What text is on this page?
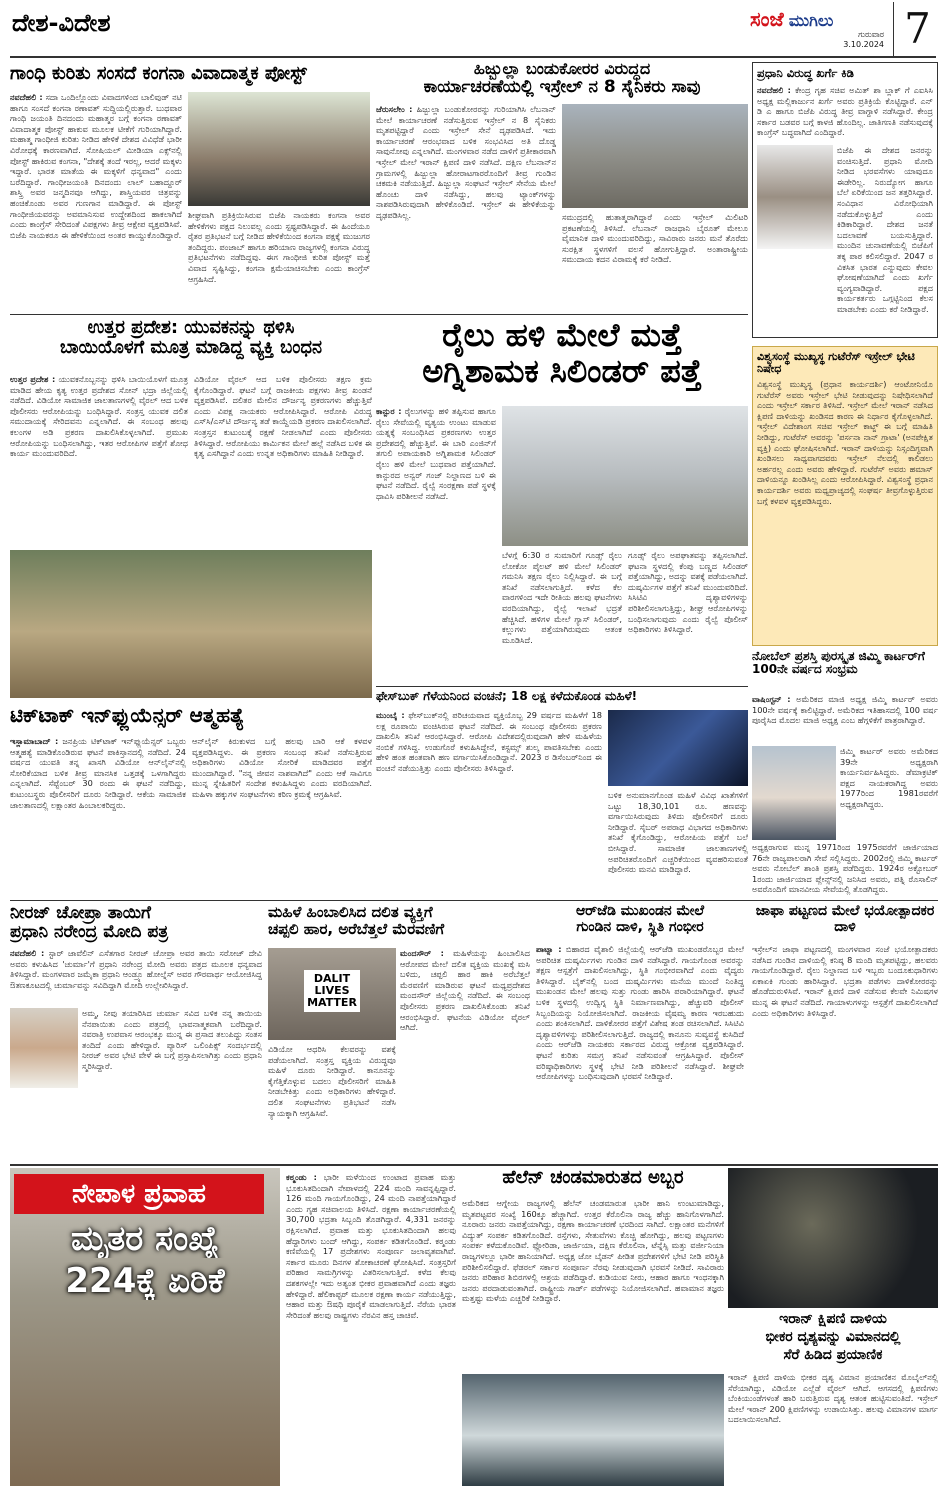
ದೇಶ-ವಿದೇಶ	ಸಂಜೆ ಮುಗಿಲು
ಗುರುವಾರ
3.10.2024 7
ಗಾಂಧಿ ಕುರಿತು ಸಂಸದೆ ಕಂಗನಾ ವಿವಾದಾತ್ಮಕ ಪೋಸ್ಟ್
ನವದೆಹಲಿ : ಸದಾ ಒಂದಿಲ್ಲೊಂದು ವಿವಾದಗಳಿಂದ ಬಾಲಿವುಡ್ ನಟಿ ಹಾಗೂ ಸಂಸದೆ ಕಂಗನಾ ರಣಾವತ್ ಸುದ್ದಿಯಲ್ಲಿರುತ್ತಾರೆ. ಬುಧವಾರ ಗಾಂಧಿ ಜಯಂತಿ ದಿನದಂದು ಮಹಾತ್ಮರ ಬಗ್ಗೆ ಕಂಗನಾ ರಣಾವತ್ ವಿವಾದಾತ್ಮಕ ಪೋಸ್ಟ್ ಹಾಕುವ ಮೂಲಕ ಟೀಕೆಗೆ ಗುರಿಯಾಗಿದ್ದಾರೆ. ಮಹಾತ್ಮ ಗಾಂಧೀಜಿ ಕುರಿತು ನೀಡಿದ ಹೇಳಿಕೆ ದೇಶದ ವಿವಿಧೆಡೆ ಭಾರೀ ವಿರೋಧಕ್ಕೆ ಕಾರಣವಾಗಿದೆ. ಸೋಷಿಯಲ್ ಮೀಡಿಯಾ ಎಕ್ಸ್‌ನಲ್ಲಿ ಪೋಸ್ಟ್ ಹಾಕಿರುವ ಕಂಗನಾ, "ದೇಶಕ್ಕೆ ತಂದೆ ಇರಲ್ಲ, ಆದರೆ ಮಕ್ಕಳು ಇದ್ದಾರೆ. ಭಾರತ ಮಾತೆಯ ಈ ಮಕ್ಕಳಿಗೆ ಧನ್ಯವಾದ" ಎಂದು ಬರೆದಿದ್ದಾರೆ. ಗಾಂಧೀಜಯಂತಿ ದಿನದಂದು ಲಾಲ್ ಬಹಾದ್ದೂರ್ ಶಾಸ್ತ್ರಿ ಅವರ ಜನ್ಮದಿನವೂ ಆಗಿದ್ದು, ಶಾಸ್ತ್ರಿಯವರ ಚಿತ್ರವನ್ನು ಹಂಚಿಕೊಂಡು ಅವರ ಗುಣಗಾನ ಮಾಡಿದ್ದಾರೆ. ಈ ಪೋಸ್ಟ್ ಗಾಂಧೀಜಿಯವರನ್ನು ಅವಮಾನಿಸುವ ಉದ್ದೇಶದಿಂದ ಹಾಕಲಾಗಿದೆ ಎಂದು ಕಾಂಗ್ರೆಸ್ ಸೇರಿದಂತೆ ವಿಪಕ್ಷಗಳು ತೀವ್ರ ಆಕ್ಷೇಪ ವ್ಯಕ್ತಪಡಿಸಿವೆ. ಬಿಜೆಪಿ ನಾಯಕರೂ ಈ ಹೇಳಿಕೆಯಿಂದ ಅಂತರ ಕಾಯ್ದುಕೊಂಡಿದ್ದಾರೆ.
ಶೀಘ್ರವಾಗಿ ಪ್ರತಿಕ್ರಿಯಿಸಿರುವ ಬಿಜೆಪಿ ನಾಯಕರು ಕಂಗನಾ ಅವರ ಹೇಳಿಕೆಗಳು ಪಕ್ಷದ ನಿಲುವಲ್ಲ ಎಂದು ಸ್ಪಷ್ಟಪಡಿಸಿದ್ದಾರೆ. ಈ ಹಿಂದೆಯೂ ರೈತರ ಪ್ರತಿಭಟನೆ ಬಗ್ಗೆ ನೀಡಿದ ಹೇಳಿಕೆಯಿಂದ ಕಂಗನಾ ಪಕ್ಷಕ್ಕೆ ಮುಜುಗರ ತಂದಿದ್ದರು. ಪಂಜಾಬ್ ಹಾಗೂ ಹರಿಯಾಣ ರಾಜ್ಯಗಳಲ್ಲಿ ಕಂಗನಾ ವಿರುದ್ಧ ಪ್ರತಿಭಟನೆಗಳು ನಡೆದಿದ್ದವು. ಈಗ ಗಾಂಧೀಜಿ ಕುರಿತ ಪೋಸ್ಟ್ ಮತ್ತೆ ವಿವಾದ ಸೃಷ್ಟಿಸಿದ್ದು, ಕಂಗನಾ ಕ್ಷಮೆಯಾಚಿಸಬೇಕು ಎಂದು ಕಾಂಗ್ರೆಸ್ ಆಗ್ರಹಿಸಿದೆ.
ಹಿಜ್ಬುಲ್ಲಾ ಬಂಡುಕೋರರ ವಿರುದ್ಧದ
ಕಾರ್ಯಾಚರಣೆಯಲ್ಲಿ ಇಸ್ರೇಲ್ ನ 8 ಸೈನಿಕರು ಸಾವು
ಜೆರುಸಲೇಂ : ಹಿಜ್ಬುಲ್ಲಾ ಬಂಡುಕೋರರನ್ನು ಗುರಿಯಾಗಿಸಿ ಲೆಬನಾನ್ ಮೇಲೆ ಕಾರ್ಯಾಚರಣೆ ನಡೆಸುತ್ತಿರುವ ಇಸ್ರೇಲ್ ನ 8 ಸೈನಿಕರು ಮೃತಪಟ್ಟಿದ್ದಾರೆ ಎಂದು ಇಸ್ರೇಲ್ ಸೇನೆ ದೃಢಪಡಿಸಿದೆ. ಇದು ಕಾರ್ಯಾಚರಣೆ ಆರಂಭವಾದ ಬಳಿಕ ಸಂಭವಿಸಿದ ಅತಿ ದೊಡ್ಡ ಸಾವುನೋವು ಎನ್ನಲಾಗಿದೆ. ಮಂಗಳವಾರ ನಡೆದ ದಾಳಿಗೆ ಪ್ರತೀಕಾರವಾಗಿ ಇಸ್ರೇಲ್ ಮೇಲೆ ಇರಾನ್ ಕ್ಷಿಪಣಿ ದಾಳಿ ನಡೆಸಿದೆ. ದಕ್ಷಿಣ ಲೆಬನಾನ್‌ನ ಗ್ರಾಮಗಳಲ್ಲಿ ಹಿಜ್ಬುಲ್ಲಾ ಹೋರಾಟಗಾರರೊಂದಿಗೆ ತೀವ್ರ ಗುಂಡಿನ ಚಕಮಕಿ ನಡೆಯುತ್ತಿದೆ. ಹಿಜ್ಬುಲ್ಲಾ ಸಂಘಟನೆ ಇಸ್ರೇಲ್ ಸೇನೆಯ ಮೇಲೆ ಹೊಂಚು ದಾಳಿ ನಡೆಸಿದ್ದು, ಹಲವು ಟ್ಯಾಂಕ್‌ಗಳನ್ನು ನಾಶಪಡಿಸಿರುವುದಾಗಿ ಹೇಳಿಕೊಂಡಿದೆ. ಇಸ್ರೇಲ್ ಈ ಹೇಳಿಕೆಯನ್ನು ದೃಢಪಡಿಸಿಲ್ಲ.	ಸಮುದ್ರದಲ್ಲಿ ಹುತಾತ್ಮರಾಗಿದ್ದಾರೆ ಎಂದು ಇಸ್ರೇಲ್ ಮಿಲಿಟರಿ ಪ್ರಕಟಣೆಯಲ್ಲಿ ತಿಳಿಸಿದೆ. ಲೆಬನಾನ್ ರಾಜಧಾನಿ ಬೈರೂತ್ ಮೇಲೂ ವೈಮಾನಿಕ ದಾಳಿ ಮುಂದುವರಿದಿದ್ದು, ಸಾವಿರಾರು ಜನರು ಮನೆ ತೊರೆದು ಸುರಕ್ಷಿತ ಸ್ಥಳಗಳಿಗೆ ವಲಸೆ ಹೋಗುತ್ತಿದ್ದಾರೆ. ಅಂತಾರಾಷ್ಟ್ರೀಯ ಸಮುದಾಯ ಕದನ ವಿರಾಮಕ್ಕೆ ಕರೆ ನೀಡಿದೆ.
ಪ್ರಧಾನಿ ವಿರುದ್ಧ ಖರ್ಗೆ ಕಿಡಿ
ನವದೆಹಲಿ : ಕೇಂದ್ರ ಗೃಹ ಸಚಿವ ಅಮಿತ್ ಶಾ ಬ್ಲಾಕ್ ಗೆ ಎಐಸಿಸಿ ಅಧ್ಯಕ್ಷ ಮಲ್ಲಿಕಾರ್ಜುನ ಖರ್ಗೆ ಅವರು ಪ್ರತಿಕ್ರಿಯೆ ಕೊಟ್ಟಿದ್ದಾರೆ. ಎನ್ ಡಿ ಎ ಹಾಗೂ ಬಿಜೆಪಿ ವಿರುದ್ಧ ತೀವ್ರ ವಾಗ್ದಾಳಿ ನಡೆಸಿದ್ದಾರೆ. ಕೇಂದ್ರ ಸರ್ಕಾರ ಬಡವರ ಬಗ್ಗೆ ಕಾಳಜಿ ಹೊಂದಿಲ್ಲ. ಜಾತಿಗಣತಿ ನಡೆಸುವುದಕ್ಕೆ ಕಾಂಗ್ರೆಸ್ ಬದ್ಧವಾಗಿದೆ ಎಂದಿದ್ದಾರೆ.
ಬಿಜೆಪಿ ಈ ದೇಶದ ಜನರನ್ನು ವಂಚಿಸುತ್ತಿದೆ. ಪ್ರಧಾನಿ ಮೋದಿ ನೀಡಿದ ಭರವಸೆಗಳು ಯಾವುದೂ ಈಡೇರಿಲ್ಲ. ನಿರುದ್ಯೋಗ ಹಾಗೂ ಬೆಲೆ ಏರಿಕೆಯಿಂದ ಜನ ತತ್ತರಿಸಿದ್ದಾರೆ. ಸಂವಿಧಾನ ವಿರೋಧಿಯಾಗಿ ನಡೆದುಕೊಳ್ಳುತ್ತಿದೆ ಎಂದು ಕಿಡಿಕಾರಿದ್ದಾರೆ. ದೇಶದ ಜನತೆ ಬದಲಾವಣೆ ಬಯಸುತ್ತಿದ್ದಾರೆ. ಮುಂದಿನ ಚುನಾವಣೆಯಲ್ಲಿ ಬಿಜೆಪಿಗೆ ತಕ್ಕ ಪಾಠ ಕಲಿಸಲಿದ್ದಾರೆ. 2047 ರ ವಿಕಸಿತ ಭಾರತ ಎನ್ನುವುದು ಕೇವಲ ಘೋಷಣೆಯಾಗಿದೆ ಎಂದು ಖರ್ಗೆ ವ್ಯಂಗ್ಯವಾಡಿದ್ದಾರೆ. ಪಕ್ಷದ ಕಾರ್ಯಕರ್ತರು ಒಗ್ಗಟ್ಟಿನಿಂದ ಕೆಲಸ ಮಾಡಬೇಕು ಎಂದು ಕರೆ ನೀಡಿದ್ದಾರೆ.
ಉತ್ತರ ಪ್ರದೇಶ: ಯುವಕನನ್ನು ಥಳಿಸಿ
ಬಾಯಿಯೊಳಗೆ ಮೂತ್ರ ಮಾಡಿದ್ದ ವ್ಯಕ್ತಿ ಬಂಧನ
ಉತ್ತರ ಪ್ರದೇಶ : ಯುವಕನೊಬ್ಬನನ್ನು ಥಳಿಸಿ ಬಾಯಿಯೊಳಗೆ ಮೂತ್ರ ಮಾಡಿದ ಹೇಯ ಕೃತ್ಯ ಉತ್ತರ ಪ್ರದೇಶದ ಸೋನ್ ಭದ್ರಾ ಜಿಲ್ಲೆಯಲ್ಲಿ ನಡೆದಿದೆ. ವಿಡಿಯೋ ಸಾಮಾಜಿಕ ಜಾಲತಾಣಗಳಲ್ಲಿ ವೈರಲ್ ಆದ ಬಳಿಕ ಪೊಲೀಸರು ಆರೋಪಿಯನ್ನು ಬಂಧಿಸಿದ್ದಾರೆ. ಸಂತ್ರಸ್ತ ಯುವಕ ದಲಿತ ಸಮುದಾಯಕ್ಕೆ ಸೇರಿದವನು ಎನ್ನಲಾಗಿದೆ. ಈ ಸಂಬಂಧ ಹಲವು ಕಲಂಗಳ ಅಡಿ ಪ್ರಕರಣ ದಾಖಲಿಸಿಕೊಳ್ಳಲಾಗಿದೆ. ಪ್ರಮುಖ ಆರೋಪಿಯನ್ನು ಬಂಧಿಸಲಾಗಿದ್ದು, ಇತರ ಆರೋಪಿಗಳ ಪತ್ತೆಗೆ ಶೋಧ ಕಾರ್ಯ ಮುಂದುವರಿದಿದೆ.
ವಿಡಿಯೋ ವೈರಲ್ ಆದ ಬಳಿಕ ಪೊಲೀಸರು ತಕ್ಷಣ ಕ್ರಮ ಕೈಗೊಂಡಿದ್ದಾರೆ. ಘಟನೆ ಬಗ್ಗೆ ರಾಜಕೀಯ ಪಕ್ಷಗಳು ತೀವ್ರ ಖಂಡನೆ ವ್ಯಕ್ತಪಡಿಸಿವೆ. ದಲಿತರ ಮೇಲಿನ ದೌರ್ಜನ್ಯ ಪ್ರಕರಣಗಳು ಹೆಚ್ಚುತ್ತಿವೆ ಎಂದು ವಿಪಕ್ಷ ನಾಯಕರು ಆರೋಪಿಸಿದ್ದಾರೆ. ಆರೋಪಿ ವಿರುದ್ಧ ಎಸ್‌ಸಿ/ಎಸ್‌ಟಿ ದೌರ್ಜನ್ಯ ತಡೆ ಕಾಯ್ದೆಯಡಿ ಪ್ರಕರಣ ದಾಖಲಿಸಲಾಗಿದೆ. ಸಂತ್ರಸ್ತನ ಕುಟುಂಬಕ್ಕೆ ರಕ್ಷಣೆ ನೀಡಲಾಗಿದೆ ಎಂದು ಪೊಲೀಸರು ತಿಳಿಸಿದ್ದಾರೆ. ಆರೋಪಿಯು ಕಾರ್ಮಿಕನ ಮೇಲೆ ಹಲ್ಲೆ ನಡೆಸಿದ ಬಳಿಕ ಈ ಕೃತ್ಯ ಎಸಗಿದ್ದಾನೆ ಎಂದು ಉನ್ನತ ಅಧಿಕಾರಿಗಳು ಮಾಹಿತಿ ನೀಡಿದ್ದಾರೆ.
ರೈಲು ಹಳಿ ಮೇಲೆ ಮತ್ತೆ
ಅಗ್ನಿಶಾಮಕ ಸಿಲಿಂಡರ್ ಪತ್ತೆ
ಕಾನ್ಪುರ : ರೈಲುಗಳನ್ನು ಹಳಿ ತಪ್ಪಿಸುವ ಹಾಗೂ ರೈಲು ಸೇವೆಯಲ್ಲಿ ವ್ಯತ್ಯಯ ಉಂಟು ಮಾಡುವ ಯತ್ನಕ್ಕೆ ಸಂಬಂಧಿಸಿದ ಪ್ರಕರಣಗಳು ಉತ್ತರ ಪ್ರದೇಶದಲ್ಲಿ ಹೆಚ್ಚುತ್ತಿವೆ. ಈ ಬಾರಿ ಎಂಜಿನ್‌ಗೆ ತಗುಲಿ ಅಪಾಯಕಾರಿ ಅಗ್ನಿಶಾಮಕ ಸಿಲಿಂಡರ್ ರೈಲು ಹಳಿ ಮೇಲೆ ಬುಧವಾರ ಪತ್ತೆಯಾಗಿದೆ. ಕಾನ್ಪುರದ ಅನ್ವರ್ ಗಂಜ್ ನಿಲ್ದಾಣದ ಬಳಿ ಈ ಘಟನೆ ನಡೆದಿದೆ. ರೈಲ್ವೆ ಸಂರಕ್ಷಣಾ ಪಡೆ ಸ್ಥಳಕ್ಕೆ ಧಾವಿಸಿ ಪರಿಶೀಲನೆ ನಡೆಸಿದೆ.
ಬೆಳಗ್ಗೆ 6:30 ರ ಸುಮಾರಿಗೆ ಗೂಡ್ಸ್ ರೈಲು ಲೋಕೋ ಪೈಲಟ್ ಹಳಿ ಮೇಲೆ ಸಿಲಿಂಡರ್ ಗಮನಿಸಿ ತಕ್ಷಣ ರೈಲು ನಿಲ್ಲಿಸಿದ್ದಾರೆ. ಈ ಬಗ್ಗೆ ತನಿಖೆ ನಡೆಸಲಾಗುತ್ತಿದೆ. ಕಳೆದ ಕೆಲ ವಾರಗಳಿಂದ ಇದೇ ರೀತಿಯ ಹಲವು ಘಟನೆಗಳು ವರದಿಯಾಗಿದ್ದು, ರೈಲ್ವೆ ಇಲಾಖೆ ಭದ್ರತೆ ಹೆಚ್ಚಿಸಿದೆ. ಹಳಿಗಳ ಮೇಲೆ ಗ್ಯಾಸ್ ಸಿಲಿಂಡರ್, ಕಲ್ಲುಗಳು ಪತ್ತೆಯಾಗಿರುವುದು ಆತಂಕ ಮೂಡಿಸಿದೆ.
ಗೂಡ್ಸ್ ರೈಲು ಅಪಘಾತವನ್ನು ತಪ್ಪಿಸಲಾಗಿದೆ. ಘಟನಾ ಸ್ಥಳದಲ್ಲಿ ಕೆಂಪು ಬಣ್ಣದ ಸಿಲಿಂಡರ್ ಪತ್ತೆಯಾಗಿದ್ದು, ಅದನ್ನು ವಶಕ್ಕೆ ಪಡೆಯಲಾಗಿದೆ. ದುಷ್ಕರ್ಮಿಗಳ ಪತ್ತೆಗೆ ತನಿಖೆ ಮುಂದುವರಿದಿದೆ. ಸಿಸಿಟಿವಿ ದೃಶ್ಯಾವಳಿಗಳನ್ನು ಪರಿಶೀಲಿಸಲಾಗುತ್ತಿದ್ದು, ಶೀಘ್ರ ಆರೋಪಿಗಳನ್ನು ಬಂಧಿಸಲಾಗುವುದು ಎಂದು ರೈಲ್ವೆ ಪೊಲೀಸ್ ಅಧಿಕಾರಿಗಳು ತಿಳಿಸಿದ್ದಾರೆ.
ವಿಶ್ವಸಂಸ್ಥೆ ಮುಖ್ಯಸ್ಥ ಗುಟೆರೆಸ್ ಇಸ್ರೇಲ್ ಭೇಟಿ ನಿಷೇಧ
ವಿಶ್ವಸಂಸ್ಥೆ ಮುಖ್ಯಸ್ಥ (ಪ್ರಧಾನ ಕಾರ್ಯದರ್ಶಿ) ಆಂಟೋನಿಯೊ ಗುಟೆರೆಸ್ ಅವರು ಇಸ್ರೇಲ್ ಭೇಟಿ ನೀಡುವುದನ್ನು ನಿಷೇಧಿಸಲಾಗಿದೆ ಎಂದು ಇಸ್ರೇಲ್ ಸರ್ಕಾರ ತಿಳಿಸಿದೆ. ಇಸ್ರೇಲ್ ಮೇಲೆ ಇರಾನ್ ನಡೆಸಿದ ಕ್ಷಿಪಣಿ ದಾಳಿಯನ್ನು ಖಂಡಿಸದ ಕಾರಣ ಈ ನಿರ್ಧಾರ ಕೈಗೊಳ್ಳಲಾಗಿದೆ. ಇಸ್ರೇಲ್ ವಿದೇಶಾಂಗ ಸಚಿವ ಇಸ್ರೇಲ್ ಕಾಟ್ಜ್ ಈ ಬಗ್ಗೆ ಮಾಹಿತಿ ನೀಡಿದ್ದು, ಗುಟೆರೆಸ್ ಅವರನ್ನು 'ಪರ್ಸನಾ ನಾನ್ ಗ್ರಾಟಾ' (ಅನಪೇಕ್ಷಿತ ವ್ಯಕ್ತಿ) ಎಂದು ಘೋಷಿಸಲಾಗಿದೆ. ಇರಾನ್ ದಾಳಿಯನ್ನು ನಿಸ್ಸಂದಿಗ್ಧವಾಗಿ ಖಂಡಿಸಲು ಸಾಧ್ಯವಾಗದವರು ಇಸ್ರೇಲ್ ನೆಲದಲ್ಲಿ ಕಾಲಿಡಲು ಅರ್ಹರಲ್ಲ ಎಂದು ಅವರು ಹೇಳಿದ್ದಾರೆ. ಗುಟೆರೆಸ್ ಅವರು ಹಮಾಸ್ ದಾಳಿಯನ್ನೂ ಖಂಡಿಸಿಲ್ಲ ಎಂದು ಆರೋಪಿಸಿದ್ದಾರೆ. ವಿಶ್ವಸಂಸ್ಥೆ ಪ್ರಧಾನ ಕಾರ್ಯದರ್ಶಿ ಅವರು ಮಧ್ಯಪ್ರಾಚ್ಯದಲ್ಲಿ ಸಂಘರ್ಷ ತೀವ್ರಗೊಳ್ಳುತ್ತಿರುವ ಬಗ್ಗೆ ಕಳವಳ ವ್ಯಕ್ತಪಡಿಸಿದ್ದರು.
ನೋಬೆಲ್ ಪ್ರಶಸ್ತಿ ಪುರಸ್ಕೃತ ಜಿಮ್ಮಿ ಕಾರ್ಟರ್‌ಗೆ 100ನೇ ವರ್ಷದ ಸಂಭ್ರಮ
ವಾಷಿಂಗ್ಟನ್ : ಅಮೆರಿಕದ ಮಾಜಿ ಅಧ್ಯಕ್ಷ ಜಿಮ್ಮಿ ಕಾರ್ಟರ್ ಅವರು 100ನೇ ವರ್ಷಕ್ಕೆ ಕಾಲಿಟ್ಟಿದ್ದಾರೆ. ಅಮೆರಿಕದ ಇತಿಹಾಸದಲ್ಲಿ 100 ವರ್ಷ ಪೂರೈಸಿದ ಮೊದಲ ಮಾಜಿ ಅಧ್ಯಕ್ಷ ಎಂಬ ಹೆಗ್ಗಳಿಕೆಗೆ ಪಾತ್ರರಾಗಿದ್ದಾರೆ.
ಜಿಮ್ಮಿ ಕಾರ್ಟರ್ ಅವರು ಅಮೆರಿಕದ 39ನೇ ಅಧ್ಯಕ್ಷರಾಗಿ ಕಾರ್ಯನಿರ್ವಹಿಸಿದ್ದರು. ಡೆಮಾಕ್ರಟಿಕ್ ಪಕ್ಷದ ನಾಯಕರಾಗಿದ್ದ ಅವರು 1977ರಿಂದ 1981ರವರೆಗೆ ಅಧ್ಯಕ್ಷರಾಗಿದ್ದರು.
ಅಧ್ಯಕ್ಷರಾಗುವ ಮುನ್ನ 1971ರಿಂದ 1975ರವರೆಗೆ ಜಾರ್ಜಿಯಾದ 76ನೇ ರಾಜ್ಯಪಾಲರಾಗಿ ಸೇವೆ ಸಲ್ಲಿಸಿದ್ದರು. 2002ರಲ್ಲಿ ಜಿಮ್ಮಿ ಕಾರ್ಟರ್ ಅವರು ನೋಬೆಲ್ ಶಾಂತಿ ಪ್ರಶಸ್ತಿ ಪಡೆದಿದ್ದರು. 1924ರ ಅಕ್ಟೋಬರ್ 1ರಂದು ಜಾರ್ಜಿಯಾದ ಪ್ಲೇನ್ಸ್‌ನಲ್ಲಿ ಜನಿಸಿದ ಅವರು, ಪತ್ನಿ ರೊಸಾಲಿನ್ ಅವರೊಂದಿಗೆ ಮಾನವೀಯ ಸೇವೆಯಲ್ಲಿ ತೊಡಗಿದ್ದರು.
ಫೇಸ್‌ಬುಕ್ ಗೆಳೆಯನಿಂದ ವಂಚನೆ; 18 ಲಕ್ಷ ಕಳೆದುಕೊಂಡ ಮಹಿಳೆ!
ಮುಂಬೈ : ಫೇಸ್‌ಬುಕ್‌ನಲ್ಲಿ ಪರಿಚಯವಾದ ವ್ಯಕ್ತಿಯೊಬ್ಬ 29 ವರ್ಷದ ಮಹಿಳೆಗೆ 18 ಲಕ್ಷ ರೂಪಾಯಿ ವಂಚಿಸಿರುವ ಘಟನೆ ನಡೆದಿದೆ. ಈ ಸಂಬಂಧ ಪೊಲೀಸರು ಪ್ರಕರಣ ದಾಖಲಿಸಿ ತನಿಖೆ ಆರಂಭಿಸಿದ್ದಾರೆ. ಆರೋಪಿ ವಿದೇಶದಲ್ಲಿರುವುದಾಗಿ ಹೇಳಿ ಮಹಿಳೆಯ ನಂಬಿಕೆ ಗಳಿಸಿದ್ದ. ಉಡುಗೊರೆ ಕಳುಹಿಸಿದ್ದೇನೆ, ಕಸ್ಟಮ್ಸ್ ಶುಲ್ಕ ಪಾವತಿಸಬೇಕು ಎಂದು ಹೇಳಿ ಹಂತ ಹಂತವಾಗಿ ಹಣ ವರ್ಗಾಯಿಸಿಕೊಂಡಿದ್ದಾನೆ. 2023 ರ ಡಿಸೆಂಬರ್‌ನಿಂದ ಈ ವಂಚನೆ ನಡೆಯುತ್ತಿತ್ತು ಎಂದು ಪೊಲೀಸರು ತಿಳಿಸಿದ್ದಾರೆ.
ಬಳಿಕ ಅನುಮಾನಗೊಂಡ ಮಹಿಳೆ ವಿವಿಧ ಖಾತೆಗಳಿಗೆ ಒಟ್ಟು 18,30,101 ರೂ. ಹಣವನ್ನು ವರ್ಗಾಯಿಸಿರುವುದು ತಿಳಿದು ಪೊಲೀಸರಿಗೆ ದೂರು ನೀಡಿದ್ದಾರೆ. ಸೈಬರ್ ಅಪರಾಧ ವಿಭಾಗದ ಅಧಿಕಾರಿಗಳು ತನಿಖೆ ಕೈಗೊಂಡಿದ್ದು, ಆರೋಪಿಯ ಪತ್ತೆಗೆ ಬಲೆ ಬೀಸಿದ್ದಾರೆ. ಸಾಮಾಜಿಕ ಜಾಲತಾಣಗಳಲ್ಲಿ ಅಪರಿಚಿತರೊಂದಿಗೆ ಎಚ್ಚರಿಕೆಯಿಂದ ವ್ಯವಹರಿಸುವಂತೆ ಪೊಲೀಸರು ಮನವಿ ಮಾಡಿದ್ದಾರೆ.
ಟಿಕ್‌ಟಾಕ್ ಇನ್‌ಫ್ಲುಯೆನ್ಸರ್ ಆತ್ಮಹತ್ಯೆ
ಇಸ್ಲಾಮಾಬಾದ್ : ಜನಪ್ರಿಯ ಟಿಕ್‌ಟಾಕ್ ಇನ್‌ಫ್ಲುಯೆನ್ಸರ್ ಒಬ್ಬರು ಆತ್ಮಹತ್ಯೆ ಮಾಡಿಕೊಂಡಿರುವ ಘಟನೆ ಪಾಕಿಸ್ತಾನದಲ್ಲಿ ನಡೆದಿದೆ. 24 ವರ್ಷದ ಯುವತಿ ತನ್ನ ಖಾಸಗಿ ವಿಡಿಯೋ ಆನ್‌ಲೈನ್‌ನಲ್ಲಿ ಸೋರಿಕೆಯಾದ ಬಳಿಕ ತೀವ್ರ ಮಾನಸಿಕ ಒತ್ತಡಕ್ಕೆ ಒಳಗಾಗಿದ್ದರು ಎನ್ನಲಾಗಿದೆ. ಸೆಪ್ಟೆಂಬರ್ 30 ರಂದು ಈ ಘಟನೆ ನಡೆದಿದ್ದು, ಕುಟುಂಬಸ್ಥರು ಪೊಲೀಸರಿಗೆ ದೂರು ನೀಡಿದ್ದಾರೆ. ಆಕೆಯ ಸಾಮಾಜಿಕ ಜಾಲತಾಣದಲ್ಲಿ ಲಕ್ಷಾಂತರ ಹಿಂಬಾಲಕರಿದ್ದರು.
ಆನ್‌ಲೈನ್ ಕಿರುಕುಳದ ಬಗ್ಗೆ ಹಲವು ಬಾರಿ ಆಕೆ ಕಳವಳ ವ್ಯಕ್ತಪಡಿಸಿದ್ದಳು. ಈ ಪ್ರಕರಣ ಸಂಬಂಧ ತನಿಖೆ ನಡೆಸುತ್ತಿರುವ ಅಧಿಕಾರಿಗಳು ವಿಡಿಯೋ ಸೋರಿಕೆ ಮಾಡಿದವರ ಪತ್ತೆಗೆ ಮುಂದಾಗಿದ್ದಾರೆ. "ನನ್ನ ಜೀವನ ನಾಶವಾಗಿದೆ" ಎಂದು ಆಕೆ ಸಾವಿಗೂ ಮುನ್ನ ಸ್ನೇಹಿತರಿಗೆ ಸಂದೇಶ ಕಳುಹಿಸಿದ್ದಳು ಎಂದು ವರದಿಯಾಗಿದೆ. ಮಹಿಳಾ ಹಕ್ಕುಗಳ ಸಂಘಟನೆಗಳು ಕಠಿಣ ಕ್ರಮಕ್ಕೆ ಆಗ್ರಹಿಸಿವೆ.
ನೀರಜ್ ಚೋಪ್ರಾ ತಾಯಿಗೆ
ಪ್ರಧಾನಿ ನರೇಂದ್ರ ಮೋದಿ ಪತ್ರ
ನವದೆಹಲಿ : ಸ್ಟಾರ್ ಜಾವೆಲಿನ್ ಎಸೆತಗಾರ ನೀರಜ್ ಚೋಪ್ರಾ ಅವರ ತಾಯಿ ಸರೋಜ್ ದೇವಿ ಅವರು ಕಳುಹಿಸಿದ 'ಚುರ್ಮಾ'ಗೆ ಪ್ರಧಾನಿ ನರೇಂದ್ರ ಮೋದಿ ಅವರು ಪತ್ರದ ಮೂಲಕ ಧನ್ಯವಾದ ತಿಳಿಸಿದ್ದಾರೆ. ಮಂಗಳವಾರ ಜಮೈಕಾ ಪ್ರಧಾನಿ ಆಂಡ್ರ್ಯೂ ಹೋಲ್ನೆಸ್ ಅವರ ಗೌರವಾರ್ಥ ಆಯೋಜಿಸಿದ್ದ ಔತಣಕೂಟದಲ್ಲಿ ಚುರ್ಮಾವನ್ನು ಸವಿದಿದ್ದಾಗಿ ಮೋದಿ ಉಲ್ಲೇಖಿಸಿದ್ದಾರೆ.
ಅಮ್ಮ, ನೀವು ತಯಾರಿಸಿದ ಚುರ್ಮಾ ಸವಿದ ಬಳಿಕ ನನ್ನ ತಾಯಿಯ ನೆನಪಾಯಿತು ಎಂದು ಪತ್ರದಲ್ಲಿ ಭಾವನಾತ್ಮಕವಾಗಿ ಬರೆದಿದ್ದಾರೆ. ನವರಾತ್ರಿ ಉಪವಾಸ ಆರಂಭಕ್ಕೂ ಮುನ್ನ ಈ ಪ್ರಸಾದ ತಲುಪಿದ್ದು ಸಂತಸ ತಂದಿದೆ ಎಂದು ಹೇಳಿದ್ದಾರೆ. ಪ್ಯಾರಿಸ್ ಒಲಿಂಪಿಕ್ಸ್ ಸಂದರ್ಭದಲ್ಲಿ ನೀರಜ್ ಅವರ ಭೇಟಿ ವೇಳೆ ಈ ಬಗ್ಗೆ ಪ್ರಸ್ತಾಪಿಸಲಾಗಿತ್ತು ಎಂದು ಪ್ರಧಾನಿ ಸ್ಮರಿಸಿದ್ದಾರೆ.
ಮಹಿಳೆ ಹಿಂಬಾಲಿಸಿದ ದಲಿತ ವ್ಯಕ್ತಿಗೆ
ಚಪ್ಪಲಿ ಹಾರ, ಅರೆಬೆತ್ತಲೆ ಮೆರವಣಿಗೆ
DALIT LIVES MATTER
ಮಂದಸೌರ್ : ಮಹಿಳೆಯನ್ನು ಹಿಂಬಾಲಿಸಿದ ಆರೋಪದ ಮೇಲೆ ದಲಿತ ವ್ಯಕ್ತಿಯ ಮುಖಕ್ಕೆ ಮಸಿ ಬಳಿದು, ಚಪ್ಪಲಿ ಹಾರ ಹಾಕಿ ಅರೆಬೆತ್ತಲೆ ಮೆರವಣಿಗೆ ಮಾಡಿರುವ ಘಟನೆ ಮಧ್ಯಪ್ರದೇಶದ ಮಂದಸೌರ್ ಜಿಲ್ಲೆಯಲ್ಲಿ ನಡೆದಿದೆ. ಈ ಸಂಬಂಧ ಪೊಲೀಸರು ಪ್ರಕರಣ ದಾಖಲಿಸಿಕೊಂಡು ತನಿಖೆ ಆರಂಭಿಸಿದ್ದಾರೆ. ಘಟನೆಯ ವಿಡಿಯೋ ವೈರಲ್ ಆಗಿದೆ.
ವಿಡಿಯೋ ಆಧರಿಸಿ ಕೆಲವರನ್ನು ವಶಕ್ಕೆ ಪಡೆಯಲಾಗಿದೆ. ಸಂತ್ರಸ್ತ ವ್ಯಕ್ತಿಯ ವಿರುದ್ಧವೂ ಮಹಿಳೆ ದೂರು ನೀಡಿದ್ದಾರೆ. ಕಾನೂನನ್ನು ಕೈಗೆತ್ತಿಕೊಳ್ಳುವ ಬದಲು ಪೊಲೀಸರಿಗೆ ಮಾಹಿತಿ ನೀಡಬೇಕಿತ್ತು ಎಂದು ಅಧಿಕಾರಿಗಳು ಹೇಳಿದ್ದಾರೆ. ದಲಿತ ಸಂಘಟನೆಗಳು ಪ್ರತಿಭಟನೆ ನಡೆಸಿ ನ್ಯಾಯಕ್ಕಾಗಿ ಆಗ್ರಹಿಸಿವೆ.
ಆರ್‌ಜೆಡಿ ಮುಖಂಡನ ಮೇಲೆ
ಗುಂಡಿನ ದಾಳಿ, ಸ್ಥಿತಿ ಗಂಭೀರ
ಪಾಟ್ನಾ : ಬಿಹಾರದ ವೈಶಾಲಿ ಜಿಲ್ಲೆಯಲ್ಲಿ ಆರ್‌ಜೆಡಿ ಮುಖಂಡರೊಬ್ಬರ ಮೇಲೆ ಅಪರಿಚಿತ ದುಷ್ಕರ್ಮಿಗಳು ಗುಂಡಿನ ದಾಳಿ ನಡೆಸಿದ್ದಾರೆ. ಗಾಯಗೊಂಡ ಅವರನ್ನು ತಕ್ಷಣ ಆಸ್ಪತ್ರೆಗೆ ದಾಖಲಿಸಲಾಗಿದ್ದು, ಸ್ಥಿತಿ ಗಂಭೀರವಾಗಿದೆ ಎಂದು ವೈದ್ಯರು ತಿಳಿಸಿದ್ದಾರೆ. ಬೈಕ್‌ನಲ್ಲಿ ಬಂದ ದುಷ್ಕರ್ಮಿಗಳು ಮನೆಯ ಮುಂದೆ ನಿಂತಿದ್ದ ಮುಖಂಡನ ಮೇಲೆ ಹಲವು ಸುತ್ತು ಗುಂಡು ಹಾರಿಸಿ ಪರಾರಿಯಾಗಿದ್ದಾರೆ. ಘಟನೆ ಬಳಿಕ ಸ್ಥಳದಲ್ಲಿ ಉದ್ವಿಗ್ನ ಸ್ಥಿತಿ ನಿರ್ಮಾಣವಾಗಿದ್ದು, ಹೆಚ್ಚುವರಿ ಪೊಲೀಸ್ ಸಿಬ್ಬಂದಿಯನ್ನು ನಿಯೋಜಿಸಲಾಗಿದೆ. ರಾಜಕೀಯ ವೈಷಮ್ಯ ಕಾರಣ ಇರಬಹುದು ಎಂದು ಶಂಕಿಸಲಾಗಿದೆ. ದಾಳಿಕೋರರ ಪತ್ತೆಗೆ ವಿಶೇಷ ತಂಡ ರಚಿಸಲಾಗಿದೆ. ಸಿಸಿಟಿವಿ ದೃಶ್ಯಾವಳಿಗಳನ್ನು ಪರಿಶೀಲಿಸಲಾಗುತ್ತಿದೆ. ರಾಜ್ಯದಲ್ಲಿ ಕಾನೂನು ಸುವ್ಯವಸ್ಥೆ ಕುಸಿದಿದೆ ಎಂದು ಆರ್‌ಜೆಡಿ ನಾಯಕರು ಸರ್ಕಾರದ ವಿರುದ್ಧ ಆಕ್ರೋಶ ವ್ಯಕ್ತಪಡಿಸಿದ್ದಾರೆ. ಘಟನೆ ಕುರಿತು ಸಮಗ್ರ ತನಿಖೆ ನಡೆಸುವಂತೆ ಆಗ್ರಹಿಸಿದ್ದಾರೆ. ಪೊಲೀಸ್ ವರಿಷ್ಠಾಧಿಕಾರಿಗಳು ಸ್ಥಳಕ್ಕೆ ಭೇಟಿ ನೀಡಿ ಪರಿಶೀಲನೆ ನಡೆಸಿದ್ದಾರೆ. ಶೀಘ್ರವೇ ಆರೋಪಿಗಳನ್ನು ಬಂಧಿಸುವುದಾಗಿ ಭರವಸೆ ನೀಡಿದ್ದಾರೆ.
ಜಾಫಾ ಪಟ್ಟಣದ ಮೇಲೆ ಭಯೋತ್ಪಾದಕರ ದಾಳಿ
ಇಸ್ರೇಲ್‌ನ ಜಾಫಾ ಪಟ್ಟಣದಲ್ಲಿ ಮಂಗಳವಾರ ಸಂಜೆ ಭಯೋತ್ಪಾದಕರು ನಡೆಸಿದ ಗುಂಡಿನ ದಾಳಿಯಲ್ಲಿ ಕನಿಷ್ಠ 8 ಮಂದಿ ಮೃತಪಟ್ಟಿದ್ದು, ಹಲವರು ಗಾಯಗೊಂಡಿದ್ದಾರೆ. ರೈಲು ನಿಲ್ದಾಣದ ಬಳಿ ಇಬ್ಬರು ಬಂದೂಕುಧಾರಿಗಳು ಏಕಾಏಕಿ ಗುಂಡು ಹಾರಿಸಿದ್ದಾರೆ. ಭದ್ರತಾ ಪಡೆಗಳು ದಾಳಿಕೋರರನ್ನು ಹೊಡೆದುರುಳಿಸಿವೆ. ಇರಾನ್ ಕ್ಷಿಪಣಿ ದಾಳಿ ನಡೆಸುವ ಕೆಲವೇ ನಿಮಿಷಗಳ ಮುನ್ನ ಈ ಘಟನೆ ನಡೆದಿದೆ. ಗಾಯಾಳುಗಳನ್ನು ಆಸ್ಪತ್ರೆಗೆ ದಾಖಲಿಸಲಾಗಿದೆ ಎಂದು ಅಧಿಕಾರಿಗಳು ತಿಳಿಸಿದ್ದಾರೆ.
ನೇಪಾಳ ಪ್ರವಾಹ
ಮೃತರ ಸಂಖ್ಯೆ
224ಕ್ಕೆ ಏರಿಕೆ
ಕಠ್ಮಂಡು : ಭಾರೀ ಮಳೆಯಿಂದ ಉಂಟಾದ ಪ್ರವಾಹ ಮತ್ತು ಭೂಕುಸಿತದಿಂದಾಗಿ ನೇಪಾಳದಲ್ಲಿ 224 ಮಂದಿ ಸಾವನ್ನಪ್ಪಿದ್ದಾರೆ. 126 ಮಂದಿ ಗಾಯಗೊಂಡಿದ್ದು, 24 ಮಂದಿ ನಾಪತ್ತೆಯಾಗಿದ್ದಾರೆ ಎಂದು ಗೃಹ ಸಚಿವಾಲಯ ತಿಳಿಸಿದೆ. ರಕ್ಷಣಾ ಕಾರ್ಯಾಚರಣೆಯಲ್ಲಿ 30,700 ಭದ್ರತಾ ಸಿಬ್ಬಂದಿ ತೊಡಗಿದ್ದಾರೆ. 4,331 ಜನರನ್ನು ರಕ್ಷಿಸಲಾಗಿದೆ. ಪ್ರವಾಹ ಮತ್ತು ಭೂಕುಸಿತದಿಂದಾಗಿ ಹಲವು ಹೆದ್ದಾರಿಗಳು ಬಂದ್ ಆಗಿದ್ದು, ಸಂಪರ್ಕ ಕಡಿತಗೊಂಡಿದೆ. ಕಠ್ಮಂಡು ಕಣಿವೆಯಲ್ಲಿ 17 ಪ್ರದೇಶಗಳು ಸಂಪೂರ್ಣ ಜಲಾವೃತವಾಗಿವೆ. ಸರ್ಕಾರ ಮೂರು ದಿನಗಳ ಶೋಕಾಚರಣೆ ಘೋಷಿಸಿದೆ. ಸಂತ್ರಸ್ತರಿಗೆ ಪರಿಹಾರ ಸಾಮಗ್ರಿಗಳನ್ನು ವಿತರಿಸಲಾಗುತ್ತಿದೆ. ಕಳೆದ ಕೆಲವು ದಶಕಗಳಲ್ಲೇ ಇದು ಅತ್ಯಂತ ಭೀಕರ ಪ್ರವಾಹವಾಗಿದೆ ಎಂದು ತಜ್ಞರು ಹೇಳಿದ್ದಾರೆ. ಹೆಲಿಕಾಪ್ಟರ್ ಮೂಲಕ ರಕ್ಷಣಾ ಕಾರ್ಯ ನಡೆಯುತ್ತಿದ್ದು, ಆಹಾರ ಮತ್ತು ಔಷಧಿ ಪೂರೈಕೆ ಮಾಡಲಾಗುತ್ತಿದೆ. ನೆರೆಯ ಭಾರತ ಸೇರಿದಂತೆ ಹಲವು ರಾಷ್ಟ್ರಗಳು ನೆರವಿನ ಹಸ್ತ ಚಾಚಿವೆ.
ಹೆಲೆನ್ ಚಂಡಮಾರುತದ ಅಬ್ಬರ
ಅಮೆರಿಕದ ಆಗ್ನೇಯ ರಾಜ್ಯಗಳಲ್ಲಿ ಹೆಲೆನ್ ಚಂಡಮಾರುತ ಭಾರೀ ಹಾನಿ ಉಂಟುಮಾಡಿದ್ದು, ಮೃತಪಟ್ಟವರ ಸಂಖ್ಯೆ 160ಕ್ಕೂ ಹೆಚ್ಚಾಗಿದೆ. ಉತ್ತರ ಕೆರೊಲಿನಾ ರಾಜ್ಯ ಹೆಚ್ಚು ಹಾನಿಗೊಳಗಾಗಿದೆ. ನೂರಾರು ಜನರು ನಾಪತ್ತೆಯಾಗಿದ್ದು, ರಕ್ಷಣಾ ಕಾರ್ಯಾಚರಣೆ ಭರದಿಂದ ಸಾಗಿದೆ. ಲಕ್ಷಾಂತರ ಮನೆಗಳಿಗೆ ವಿದ್ಯುತ್ ಸಂಪರ್ಕ ಕಡಿತಗೊಂಡಿದೆ. ರಸ್ತೆಗಳು, ಸೇತುವೆಗಳು ಕೊಚ್ಚಿ ಹೋಗಿದ್ದು, ಹಲವು ಪಟ್ಟಣಗಳು ಸಂಪರ್ಕ ಕಳೆದುಕೊಂಡಿವೆ. ಫ್ಲೋರಿಡಾ, ಜಾರ್ಜಿಯಾ, ದಕ್ಷಿಣ ಕೆರೊಲಿನಾ, ಟೆನ್ನೆಸ್ಸಿ ಮತ್ತು ವರ್ಜೀನಿಯಾ ರಾಜ್ಯಗಳಲ್ಲೂ ಭಾರೀ ಹಾನಿಯಾಗಿದೆ. ಅಧ್ಯಕ್ಷ ಜೋ ಬೈಡನ್ ಪೀಡಿತ ಪ್ರದೇಶಗಳಿಗೆ ಭೇಟಿ ನೀಡಿ ಪರಿಸ್ಥಿತಿ ಪರಿಶೀಲಿಸಲಿದ್ದಾರೆ. ಫೆಡರಲ್ ಸರ್ಕಾರ ಸಂಪೂರ್ಣ ನೆರವು ನೀಡುವುದಾಗಿ ಭರವಸೆ ನೀಡಿದೆ. ಸಾವಿರಾರು ಜನರು ಪರಿಹಾರ ಶಿಬಿರಗಳಲ್ಲಿ ಆಶ್ರಯ ಪಡೆದಿದ್ದಾರೆ. ಕುಡಿಯುವ ನೀರು, ಆಹಾರ ಹಾಗೂ ಇಂಧನಕ್ಕಾಗಿ ಜನರು ಪರದಾಡುವಂತಾಗಿದೆ. ರಾಷ್ಟ್ರೀಯ ಗಾರ್ಡ್ ಪಡೆಗಳನ್ನು ನಿಯೋಜಿಸಲಾಗಿದೆ. ಹವಾಮಾನ ತಜ್ಞರು ಮತ್ತಷ್ಟು ಮಳೆಯ ಎಚ್ಚರಿಕೆ ನೀಡಿದ್ದಾರೆ.
ಇರಾನ್ ಕ್ಷಿಪಣಿ ದಾಳಿಯ
ಭೀಕರ ದೃಶ್ಯವನ್ನು ವಿಮಾನದಲ್ಲಿ
ಸೆರೆ ಹಿಡಿದ ಪ್ರಯಾಣಿಕ
ಇರಾನ್ ಕ್ಷಿಪಣಿ ದಾಳಿಯ ಭೀಕರ ದೃಶ್ಯ ವಿಮಾನ ಪ್ರಯಾಣಿಕನ ಮೊಬೈಲ್‌ನಲ್ಲಿ ಸೆರೆಯಾಗಿದ್ದು, ವಿಡಿಯೋ ಎಲ್ಲೆಡೆ ವೈರಲ್ ಆಗಿದೆ. ಆಗಸದಲ್ಲಿ ಕ್ಷಿಪಣಿಗಳು ಬೆಂಕಿಯುಂಡೆಗಳಂತೆ ಹಾರಿ ಬರುತ್ತಿರುವ ದೃಶ್ಯ ಆತಂಕ ಹುಟ್ಟಿಸುವಂತಿದೆ. ಇಸ್ರೇಲ್ ಮೇಲೆ ಇರಾನ್ 200 ಕ್ಷಿಪಣಿಗಳನ್ನು ಉಡಾಯಿಸಿತ್ತು. ಹಲವು ವಿಮಾನಗಳ ಮಾರ್ಗ ಬದಲಾಯಿಸಲಾಗಿದೆ.
